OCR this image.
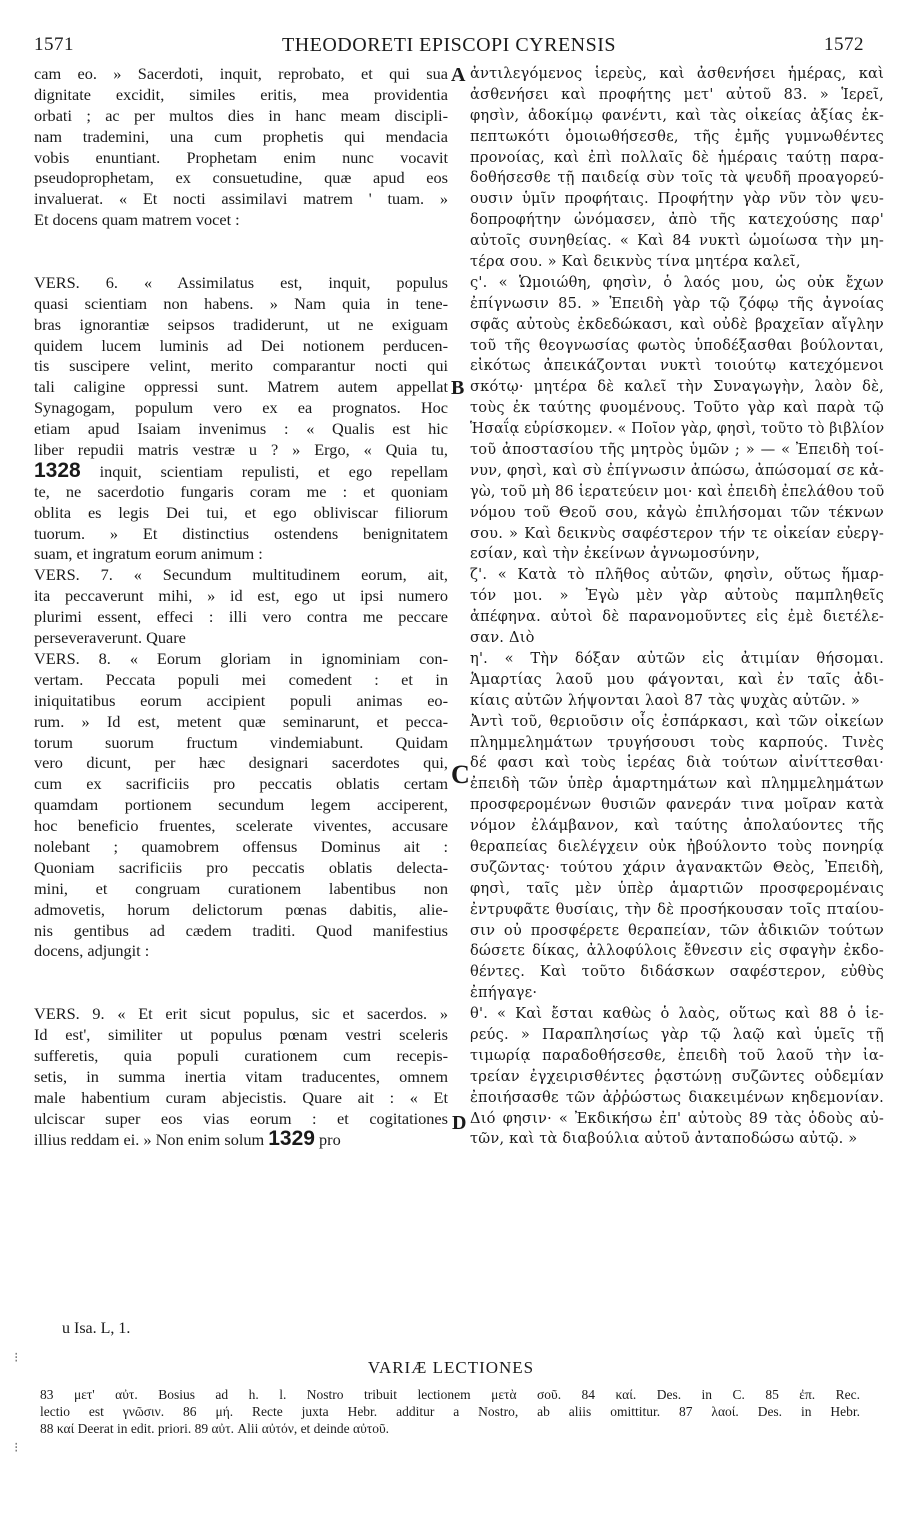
1571	THEODORETI EPISCOPI CYRENSIS	1572
cam eo. » Sacerdoti, inquit, reprobato, et qui sua
dignitate excidit, similes eritis, mea providentia
orbati ; ac per multos dies in hanc meam discipli-
nam trademini, una cum prophetis qui mendacia
vobis enuntiant. Prophetam enim nunc vocavit
pseudoprophetam, ex consuetudine, quæ apud eos
invaluerat. « Et nocti assimilavi matrem ' tuam. »
Et docens quam matrem vocet :
VERS. 6. « Assimilatus est, inquit, populus
quasi scientiam non habens. » Nam quia in tene-
bras ignorantiæ seipsos tradiderunt, ut ne exiguam
quidem lucem luminis ad Dei notionem perducen-
tis suscipere velint, merito comparantur nocti qui
tali caligine oppressi sunt. Matrem autem appellat
Synagogam, populum vero ex ea prognatos. Hoc
etiam apud Isaiam invenimus : « Qualis est hic
liber repudii matris vestræ u ? » Ergo, « Quia tu,
1328 inquit, scientiam repulisti, et ego repellam
te, ne sacerdotio fungaris coram me : et quoniam
oblita es legis Dei tui, et ego obliviscar filiorum
tuorum. » Et distinctius ostendens benignitatem
suam, et ingratum eorum animum :
VERS. 7. « Secundum multitudinem eorum, ait,
ita peccaverunt mihi, » id est, ego ut ipsi numero
plurimi essent, effeci : illi vero contra me peccare
perseveraverunt. Quare
VERS. 8. « Eorum gloriam in ignominiam con-
vertam. Peccata populi mei comedent : et in
iniquitatibus eorum accipient populi animas eo-
rum. » Id est, metent quæ seminarunt, et pecca-
torum suorum fructum vindemiabunt. Quidam
vero dicunt, per hæc designari sacerdotes qui,
cum ex sacrificiis pro peccatis oblatis certam
quamdam portionem secundum legem acciperent,
hoc beneficio fruentes, scelerate viventes, accusare
nolebant ; quamobrem offensus Dominus ait :
Quoniam sacrificiis pro peccatis oblatis delecta-
mini, et congruam curationem labentibus non
admovetis, horum delictorum pœnas dabitis, alie-
nis gentibus ad cædem traditi. Quod manifestius
docens, adjungit :
VERS. 9. « Et erit sicut populus, sic et sacerdos. »
Id est', similiter ut populus pœnam vestri sceleris
sufferetis, quia populi curationem cum recepis-
setis, in summa inertia vitam traducentes, omnem
male habentium curam abjecistis. Quare ait : « Et
ulciscar super eos vias eorum : et cogitationes
illius reddam ei. » Non enim solum 1329 pro
ἀντιλεγόμενος ἱερεὺς, καὶ ἀσθενήσει ἡμέρας, καὶ
ἀσθενήσει καὶ προφήτης μετ' αὐτοῦ 83. » Ἱερεῖ,
φησὶν, ἀδοκίμῳ φανέντι, καὶ τὰς οἰκείας ἀξίας ἐκ-
πεπτωκότι ὁμοιωθήσεσθε, τῆς ἐμῆς γυμνωθέντες
προνοίας, καὶ ἐπὶ πολλαῖς δὲ ἡμέραις ταύτῃ παρα-
δοθήσεσθε τῇ παιδείᾳ σὺν τοῖς τὰ ψευδῆ προαγορεύ-
ουσιν ὑμῖν προφήταις. Προφήτην γὰρ νῦν τὸν ψευ-
δοπροφήτην ὠνόμασεν, ἀπὸ τῆς κατεχούσης παρ'
αὐτοῖς συνηθείας. « Καὶ 84 νυκτὶ ὡμοίωσα τὴν μη-
τέρα σου. » Καὶ δεικνὺς τίνα μητέρα καλεῖ,
ς'. « Ὡμοιώθη, φησὶν, ὁ λαός μου, ὡς οὐκ ἔχων
ἐπίγνωσιν 85. » Ἐπειδὴ γὰρ τῷ ζόφῳ τῆς ἀγνοίας
σφᾶς αὐτοὺς ἐκδεδώκασι, καὶ οὐδὲ βραχεῖαν αἴγλην
τοῦ τῆς θεογνωσίας φωτὸς ὑποδέξασθαι βούλονται,
εἰκότως ἀπεικάζονται νυκτὶ τοιούτῳ κατεχόμενοι
σκότῳ· μητέρα δὲ καλεῖ τὴν Συναγωγὴν, λαὸν δὲ,
τοὺς ἐκ ταύτης φυομένους. Τοῦτο γὰρ καὶ παρὰ τῷ
Ἡσαΐᾳ εὑρίσκομεν. « Ποῖον γὰρ, φησὶ, τοῦτο τὸ βιβλίον
τοῦ ἀποστασίου τῆς μητρὸς ὑμῶν ; » — « Ἐπειδὴ τοί-
νυν, φησὶ, καὶ σὺ ἐπίγνωσιν ἀπώσω, ἀπώσομαί σε κἀ-
γὼ, τοῦ μὴ 86 ἱερατεύειν μοι· καὶ ἐπειδὴ ἐπελάθου τοῦ
νόμου τοῦ Θεοῦ σου, κἀγὼ ἐπιλήσομαι τῶν τέκνων
σου. » Καὶ δεικνὺς σαφέστερον τήν τε οἰκείαν εὐεργ-
εσίαν, καὶ τὴν ἐκείνων ἀγνωμοσύνην,
ζ'. « Κατὰ τὸ πλῆθος αὐτῶν, φησὶν, οὕτως ἥμαρ-
τόν μοι. » Ἐγὼ μὲν γὰρ αὐτοὺς παμπληθεῖς
ἀπέφηνα. αὐτοὶ δὲ παρανομοῦντες εἰς ἐμὲ διετέλε-
σαν. Διὸ
η'. « Τὴν δόξαν αὐτῶν εἰς ἀτιμίαν θήσομαι.
Ἁμαρτίας λαοῦ μου φάγονται, καὶ ἐν ταῖς ἀδι-
κίαις αὐτῶν λήψονται λαοὶ 87 τὰς ψυχὰς αὐτῶν. »
Ἀντὶ τοῦ, θεριοῦσιν οἷς ἐσπάρκασι, καὶ τῶν οἰκείων
πλημμελημάτων τρυγήσουσι τοὺς καρπούς. Τινὲς
δέ φασι καὶ τοὺς ἱερέας διὰ τούτων αἰνίττεσθαι·
ἐπειδὴ τῶν ὑπὲρ ἁμαρτημάτων καὶ πλημμελημάτων
προσφερομένων θυσιῶν φανεράν τινα μοῖραν κατὰ
νόμον ἐλάμβανον, καὶ ταύτης ἀπολαύοντες τῆς
θεραπείας διελέγχειν οὐκ ἠβούλοντο τοὺς πονηρίᾳ
συζῶντας· τούτου χάριν ἀγανακτῶν Θεὸς, Ἐπειδὴ,
φησὶ, ταῖς μὲν ὑπὲρ ἁμαρτιῶν προσφερομέναις
ἐντρυφᾶτε θυσίαις, τὴν δὲ προσήκουσαν τοῖς πταίου-
σιν οὐ προσφέρετε θεραπείαν, τῶν ἀδικιῶν τούτων
δώσετε δίκας, ἀλλοφύλοις ἔθνεσιν εἰς σφαγὴν ἐκδο-
θέντες. Καὶ τοῦτο διδάσκων σαφέστερον, εὐθὺς
ἐπήγαγε·
θ'. « Καὶ ἔσται καθὼς ὁ λαὸς, οὕτως καὶ 88 ὁ ἱε-
ρεύς. » Παραπλησίως γὰρ τῷ λαῷ καὶ ὑμεῖς τῇ
τιμωρίᾳ παραδοθήσεσθε, ἐπειδὴ τοῦ λαοῦ τὴν ἰα-
τρείαν ἐγχειρισθέντες ῥᾳστώνῃ συζῶντες οὐδεμίαν
ἐποιήσασθε τῶν ἀῤῥώστως διακειμένων κηδεμονίαν.
Διό φησιν· « Ἐκδικήσω ἐπ' αὐτοὺς 89 τὰς ὁδοὺς αὐ-
τῶν, καὶ τὰ διαβούλια αὐτοῦ ἀνταποδώσω αὐτῷ. »
A
B
C
D
u Isa. L, 1.
VARIÆ LECTIONES
83 μετ' αὐτ. Bosius ad h. l. Nostro tribuit lectionem μετὰ σοῦ. 84 καί. Des. in C. 85 ἐπ. Rec.
lectio est γνῶσιν. 86 μή. Recte juxta Hebr. additur a Nostro, ab aliis omittitur. 87 λαοί. Des. in Hebr.
88 καί Deerat in edit. priori. 89 αὐτ. Alii αὐτόν, et deinde αὐτοῦ.
⁝
⁝
